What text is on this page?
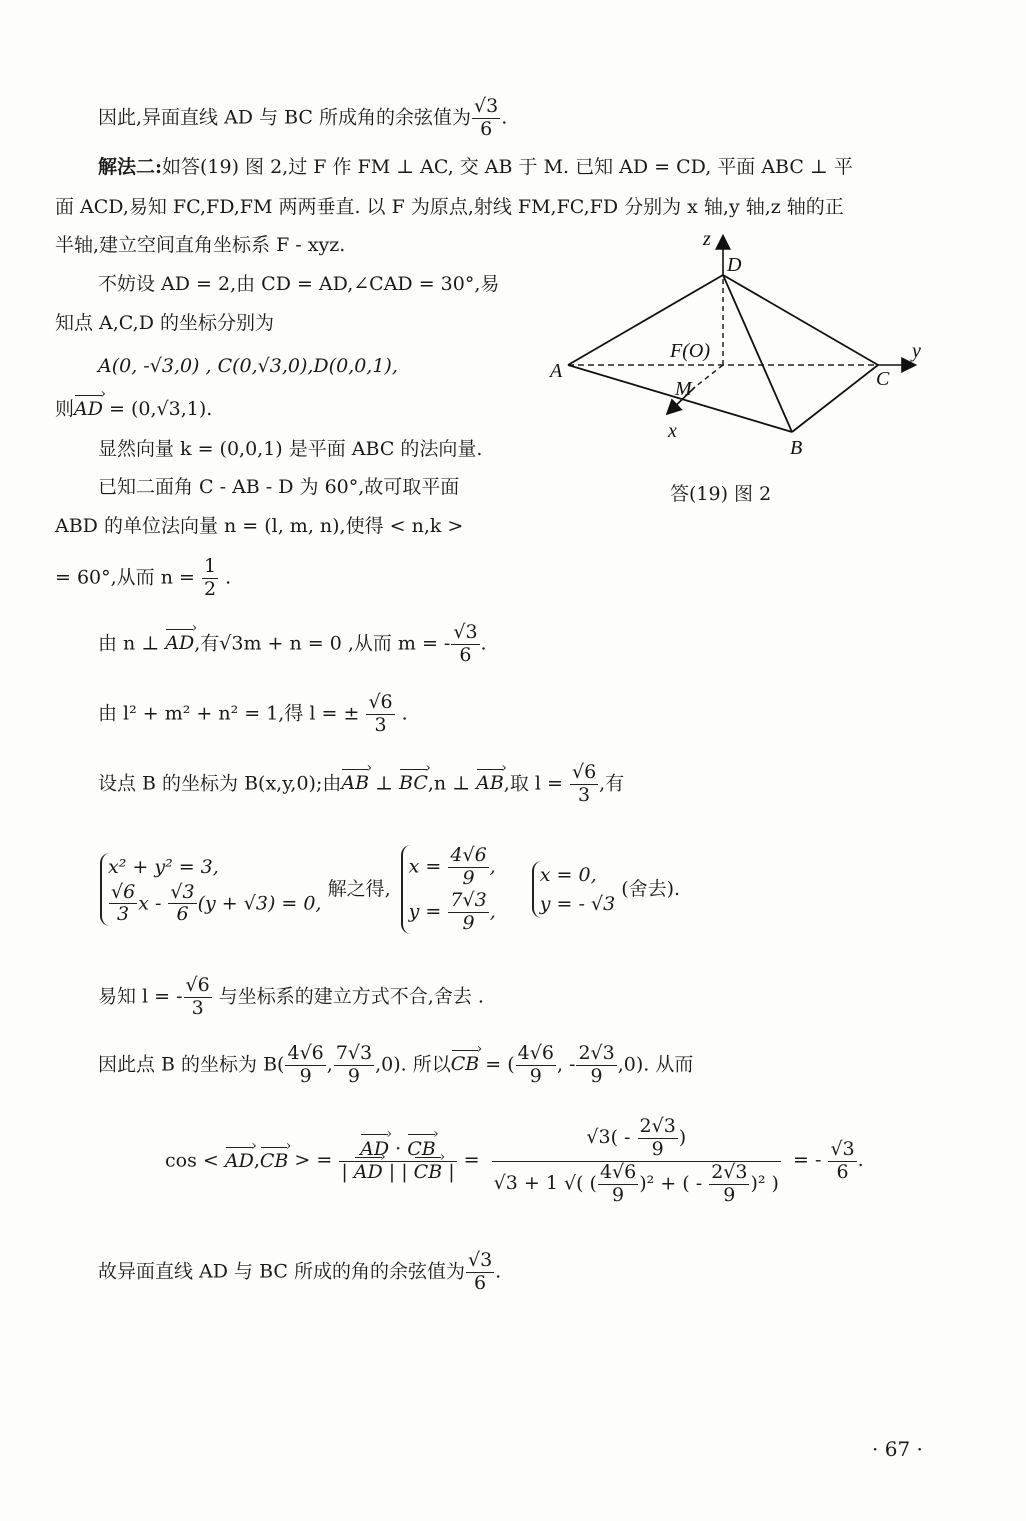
因此,异面直线 AD 与 BC 所成角的余弦值为 √ $\frac{3}{6}$ .
解法二:如答(19) 图 2,过 F 作 FM ⊥ AC, 交 AB 于 M. 已知 AD = CD, 平面 ABC ⊥ 平
面 ACD,易知 FC,FD,FM 两两垂直. 以 F 为原点,射线 FM,FC,FD 分别为 x 轴,y 轴,z 轴的正
半轴,建立空间直角坐标系 F - xyz.
不妨设 AD = 2,由 CD = AD,∠CAD = 30°,易
知点 A,C,D 的坐标分别为
A(0, -√3,0) , C(0,√3,0),D(0,0,1),
则AD › = (0,√3,1).
显然向量 k = (0,0,1) 是平面 ABC 的法向量.
已知二面角 C - AB - D 为 60°,故可取平面
ABD 的单位法向量 n = (l, m, n),使得 < n,k >
= 60°,从而 $n = \frac{1}{2}$ .
由 n ⊥ AD ›,有√3m + n = 0 ,从而 m = - √ $\frac{3}{6}$ .
由 l² + m² + n² = 1,得 l = ± √ $\frac{6}{3}$ .
设点 B 的坐标为 B(x,y,0);由AB › ⊥ BC ›,n ⊥ AB ›,取 l = √ $\frac{6}{3}$ ,有
x² + y² = 3,
√ $\frac{6}{3}$ x - √ $\frac{3}{6} (y + √3) = 0$,
解之得,
$x = \frac{4 √ 6}{9}$ ,
$y = \frac{7 √ 3}{9}$ ,

x = 0,
y = - √3
(舍去).
易知 l = - √ $\frac{6}{3}$ 与坐标系的建立方式不合,舍去 .
因此点 B 的坐标为 $B( \frac{4 √ 6}{9}$ , $\frac{7 √ 3}{9} ,0$). 所以CB › = ( $\frac{4 √ 6}{9}$ , - $\frac{2 √ 3}{9} ,0$). 从而
cos < AD ›,CB › > = $\frac{AD › \cdot CB ›}{| AD › | | CB › |}$ = √ $3( - \frac{2 √ 3}{9}$ )
√ 3 + 1 √( ( $\frac{4 √ 6}{9} )^2$ + ( - $\frac{2 √ 3}{9} )^2$ ) = - √ $\frac{3}{6}$ .
故异面直线 AD 与 BC 所成的角的余弦值为 √ $\frac{3}{6}$ .
z
D
y
A	C
F(O)
M
x
B
答(19) 图 2
· 67 ·
